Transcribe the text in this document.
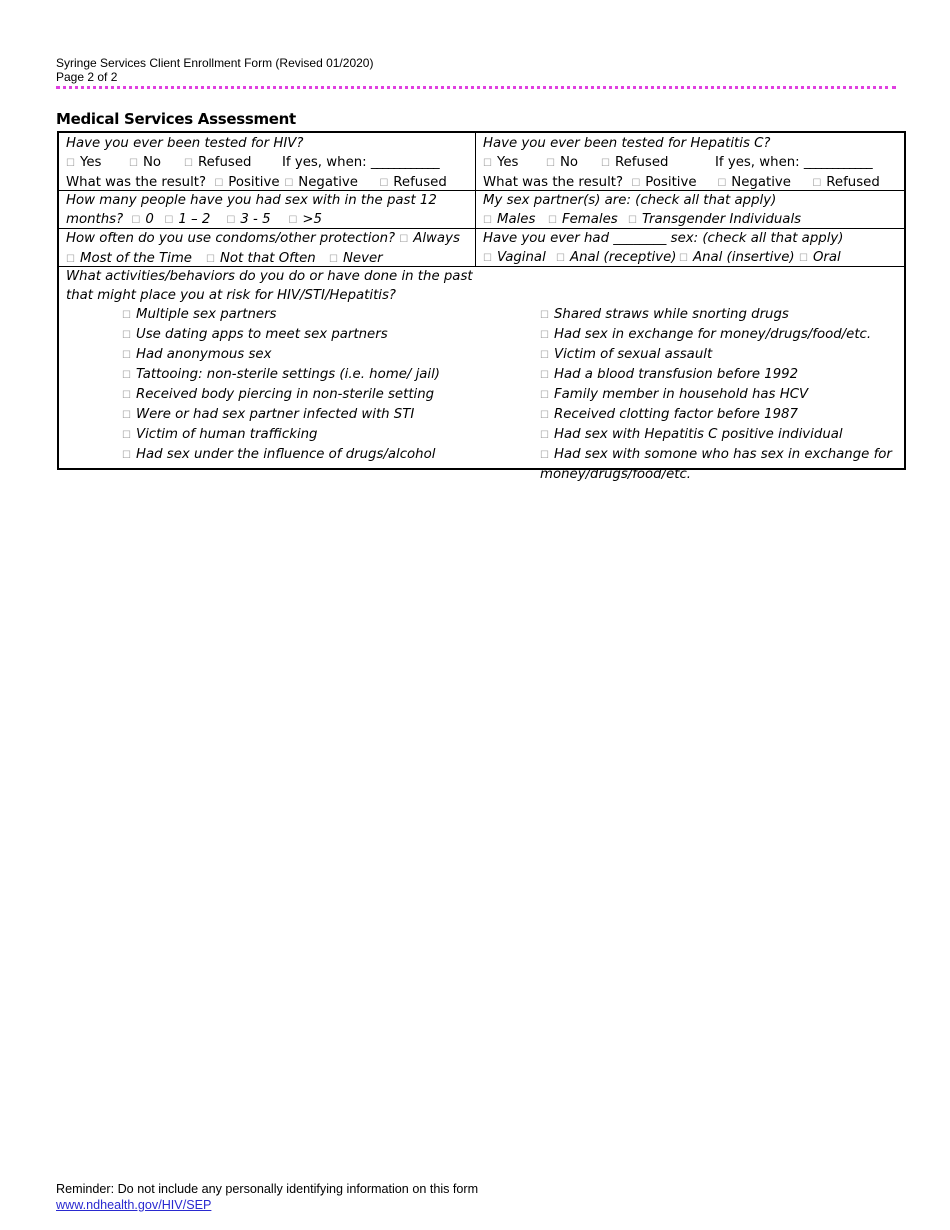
Syringe Services Client Enrollment Form (Revised 01/2020)
Page 2 of 2
Medical Services Assessment
Have you ever been tested for HIV?
☐ Yes	☐ No ☐ Refused If yes, when: ____________
What was the result? ☐ Positive ☐ Negative ☐ Refused
Have you ever been tested for Hepatitis C?
☐ Yes	☐ No ☐ Refused	If yes, when: ____________
What was the result? ☐ Positive ☐ Negative ☐ Refused
How many people have you had sex with in the past 12
months? ☐ 0 ☐ 1 – 2 ☐ 3 - 5 ☐ >5
My sex partner(s) are: (check all that apply)
☐ Males ☐ Females ☐ Transgender Individuals
How often do you use condoms/other protection? ☐ Always
☐ Most of the Time ☐ Not that Often ☐ Never
Have you ever had ________ sex: (check all that apply)
☐ Vaginal ☐ Anal (receptive) ☐ Anal (insertive) ☐ Oral
What activities/behaviors do you do or have done in the past
that might place you at risk for HIV/STI/Hepatitis?
☐ Multiple sex partners
☐ Use dating apps to meet sex partners
☐ Had anonymous sex
☐ Tattooing: non-sterile settings (i.e. home/ jail)
☐ Received body piercing in non-sterile setting
☐ Were or had sex partner infected with STI
☐ Victim of human trafficking
☐ Had sex under the influence of drugs/alcohol
☐ Shared straws while snorting drugs
☐ Had sex in exchange for money/drugs/food/etc.
☐ Victim of sexual assault
☐ Had a blood transfusion before 1992
☐ Family member in household has HCV
☐ Received clotting factor before 1987
☐ Had sex with Hepatitis C positive individual
☐ Had sex with somone who has sex in exchange for
money/drugs/food/etc.
Reminder: Do not include any personally identifying information on this form
www.ndhealth.gov/HIV/SEP
